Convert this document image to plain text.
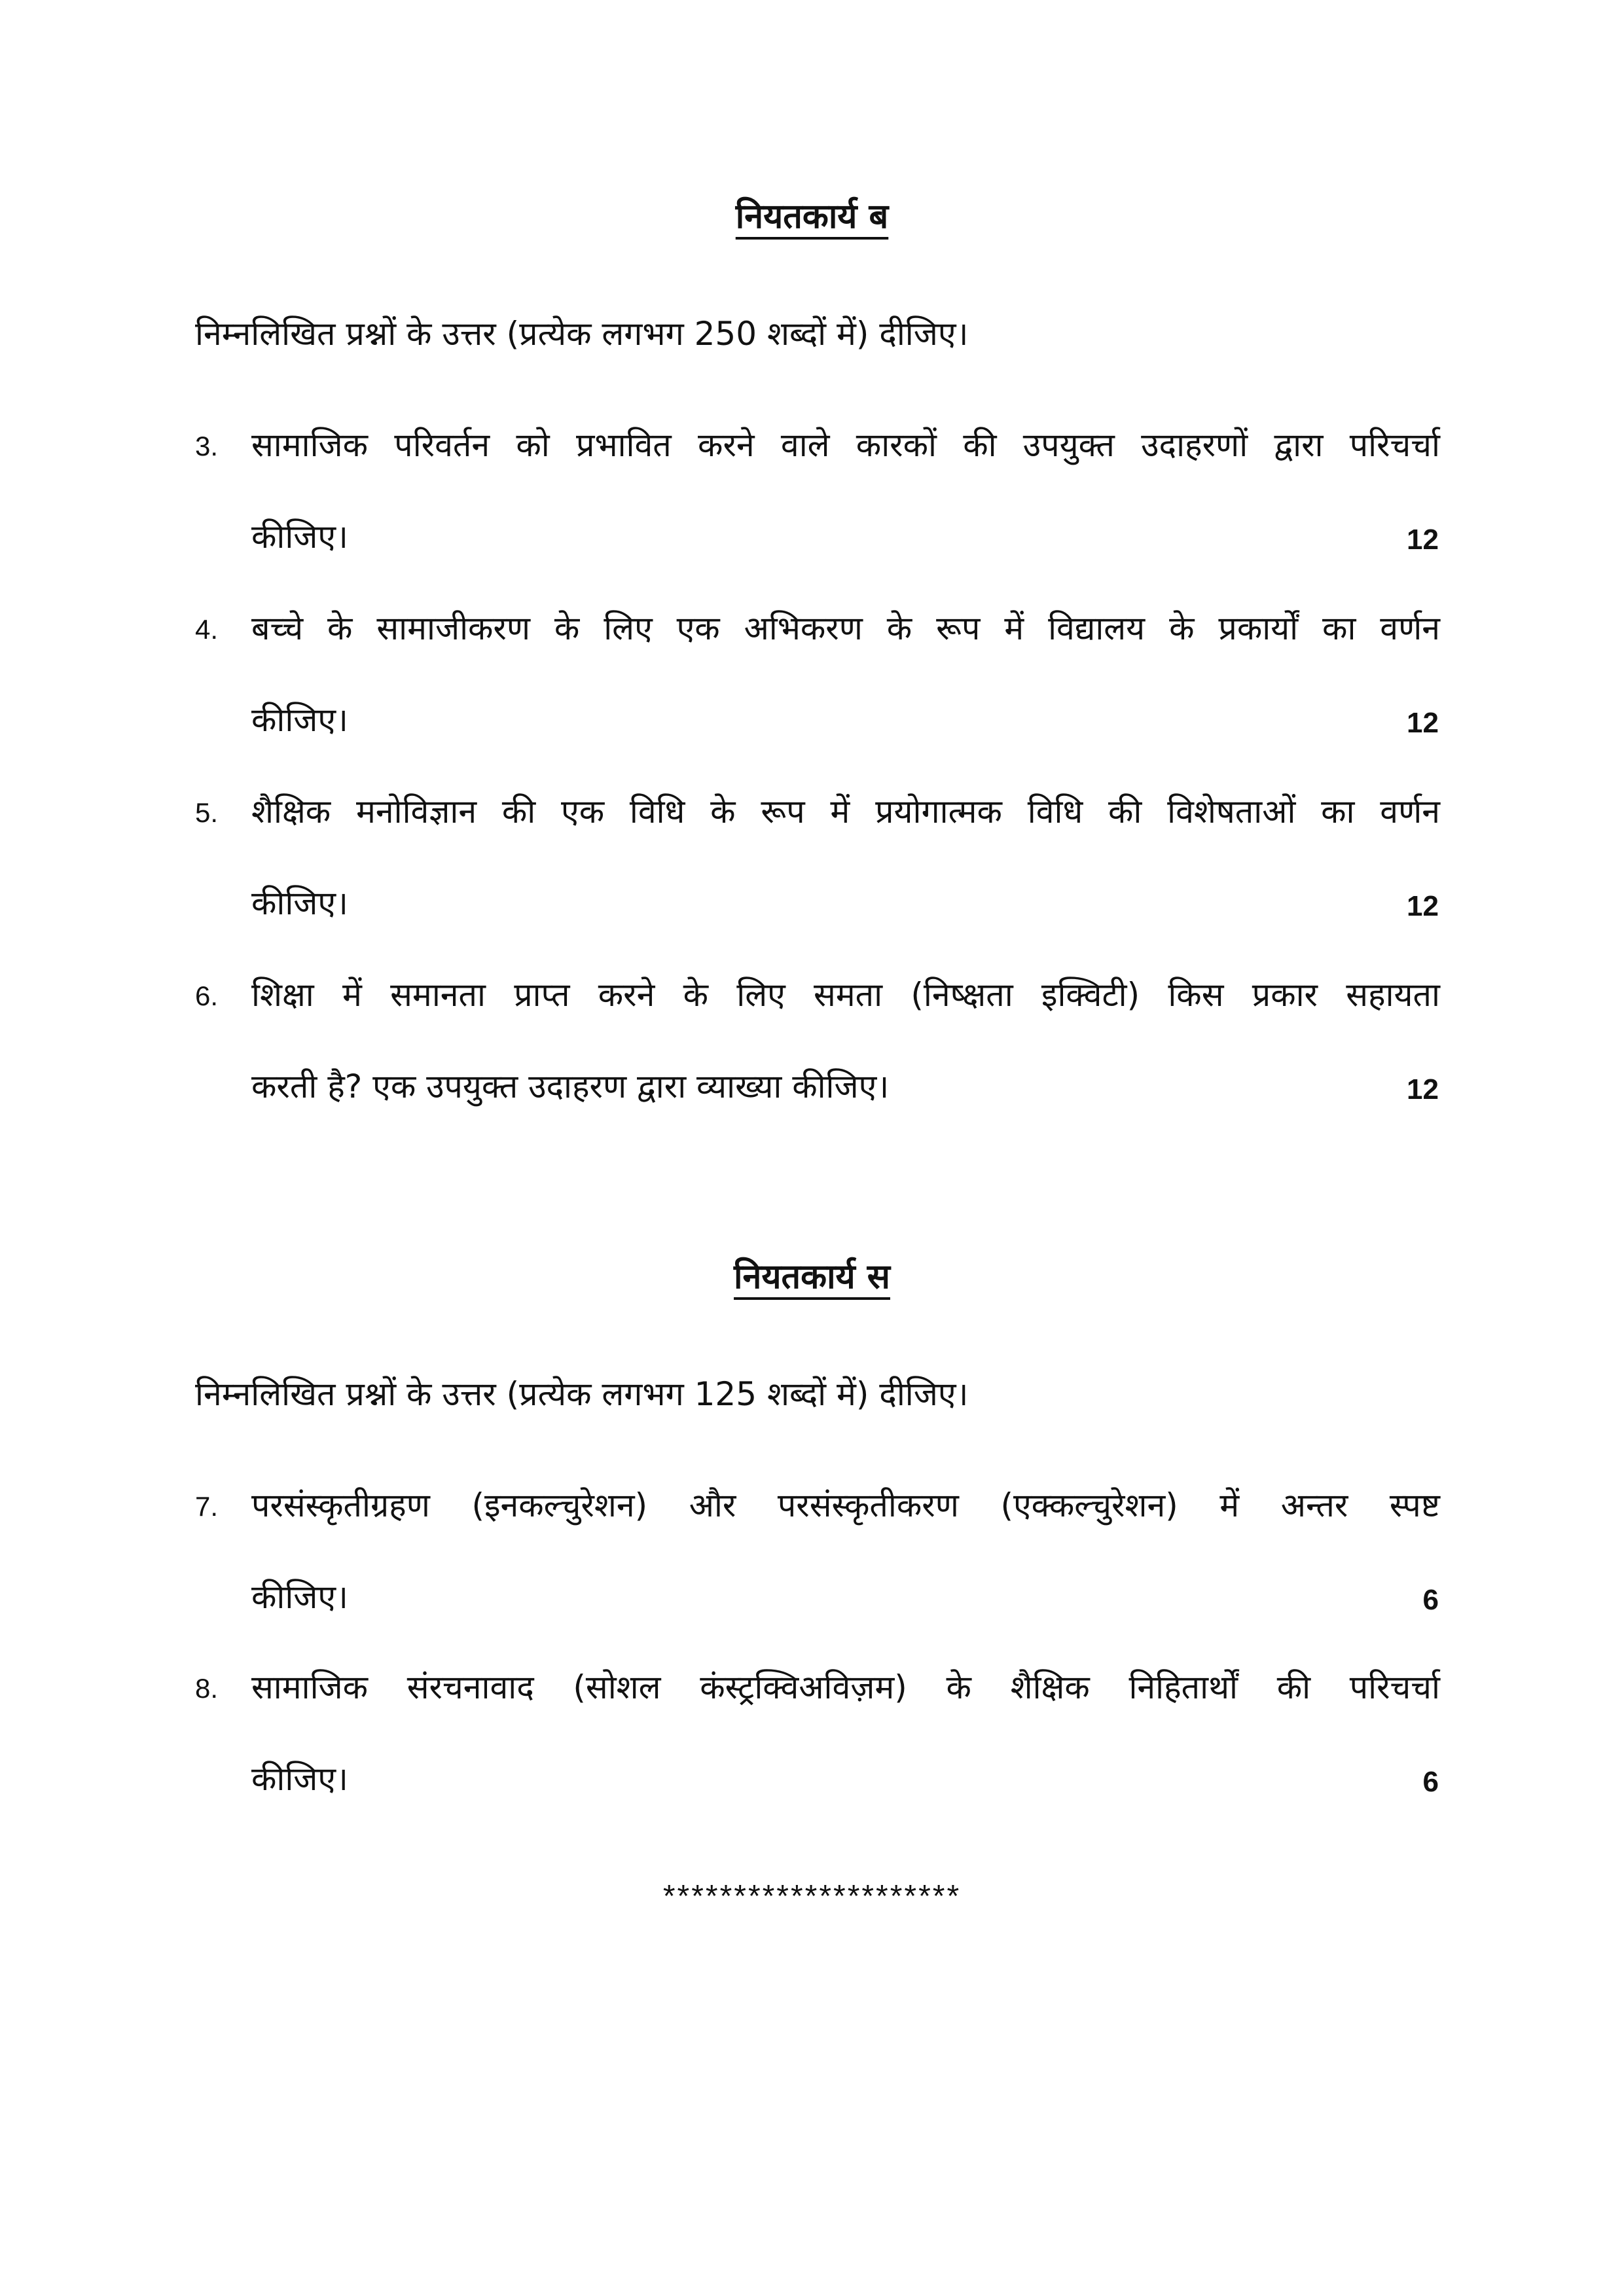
नियतकार्य ब
निम्नलिखित प्रश्नों के उत्तर (प्रत्येक लगभग 250 शब्दों में) दीजिए।
3. सामाजिक परिवर्तन को प्रभावित करने वाले कारकों की उपयुक्त उदाहरणों द्वारा परिचर्चा
कीजिए।	12
4. बच्चे के सामाजीकरण के लिए एक अभिकरण के रूप में विद्यालय के प्रकार्यों का वर्णन
कीजिए।	12
5. शैक्षिक मनोविज्ञान की एक विधि के रूप में प्रयोगात्मक विधि की विशेषताओं का वर्णन
कीजिए।	12
6. शिक्षा में समानता प्राप्त करने के लिए समता (निष्क्षता इक्विटी) किस प्रकार सहायता
करती है? एक उपयुक्त उदाहरण द्वारा व्याख्या कीजिए।	12
नियतकार्य स
निम्नलिखित प्रश्नों के उत्तर (प्रत्येक लगभग 125 शब्दों में) दीजिए।
7. परसंस्कृतीग्रहण (इनकल्चुरेशन) और परसंस्कृतीकरण (एक्कल्चुरेशन) में अन्तर स्पष्ट
कीजिए।	6
8. सामाजिक संरचनावाद (सोशल कंस्ट्रक्विअविज़म) के शैक्षिक निहितार्थों की परिचर्चा
कीजिए।	6
*********************
